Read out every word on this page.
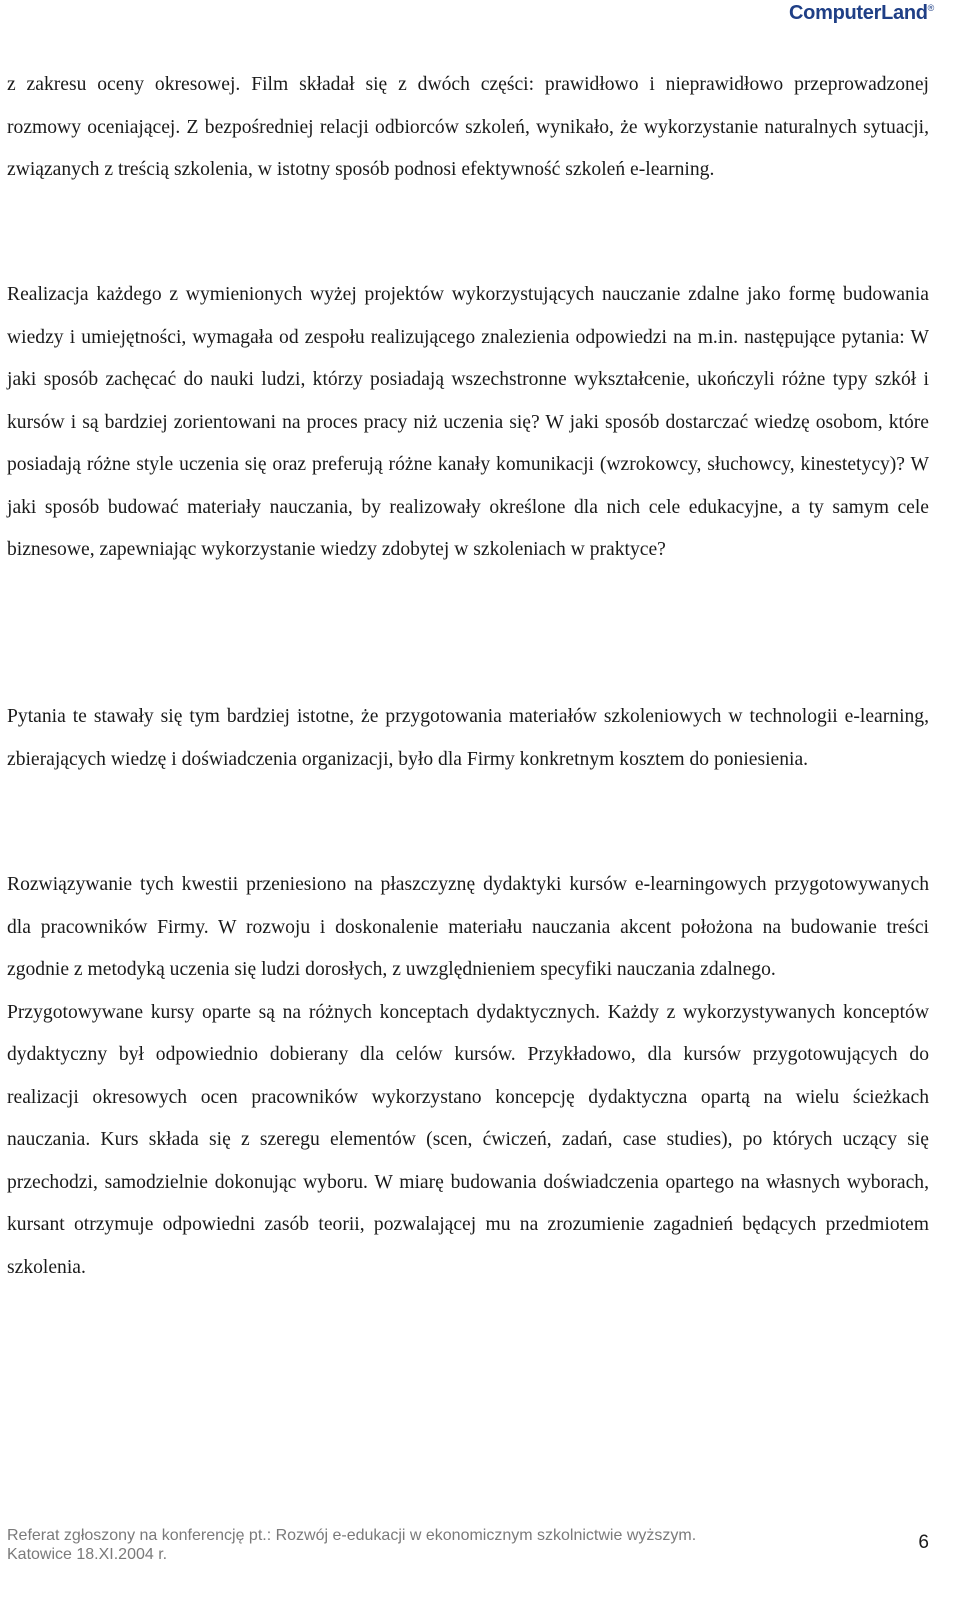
ComputerLand®

z zakresu oceny okresowej. Film składał się z dwóch części: prawidłowo i nieprawidłowo przeprowadzonej rozmowy oceniającej. Z bezpośredniej relacji odbiorców szkoleń, wynikało, że wykorzystanie naturalnych sytuacji, związanych z treścią szkolenia, w istotny sposób podnosi efektywność szkoleń e-learning.

Realizacja każdego z wymienionych wyżej projektów wykorzystujących nauczanie zdalne jako formę budowania wiedzy i umiejętności, wymagała od zespołu realizującego znalezienia odpowiedzi na m.in. następujące pytania: W jaki sposób zachęcać do nauki ludzi, którzy posiadają wszechstronne wykształcenie, ukończyli różne typy szkół i kursów i są bardziej zorientowani na proces pracy niż uczenia się? W jaki sposób dostarczać wiedzę osobom, które posiadają różne style uczenia się oraz preferują różne kanały komunikacji (wzrokowcy, słuchowcy, kinestetycy)? W jaki sposób budować materiały nauczania, by realizowały określone dla nich cele edukacyjne, a ty samym cele biznesowe, zapewniając wykorzystanie wiedzy zdobytej w szkoleniach w praktyce?

Pytania te stawały się tym bardziej istotne, że przygotowania materiałów szkoleniowych w technologii e-learning, zbierających wiedzę i doświadczenia organizacji, było dla Firmy konkretnym kosztem do poniesienia.

Rozwiązywanie tych kwestii przeniesiono na płaszczyznę dydaktyki kursów e-learningowych przygotowywanych dla pracowników Firmy. W rozwoju i doskonalenie materiału nauczania akcent położona na budowanie treści zgodnie z metodyką uczenia się ludzi dorosłych, z uwzględnieniem specyfiki nauczania zdalnego.
Przygotowywane kursy oparte są na różnych konceptach dydaktycznych. Każdy z wykorzystywanych konceptów dydaktyczny był odpowiednio dobierany dla celów kursów. Przykładowo, dla kursów przygotowujących do realizacji okresowych ocen pracowników wykorzystano koncepcję dydaktyczna opartą na wielu ścieżkach nauczania. Kurs składa się z szeregu elementów (scen, ćwiczeń, zadań, case studies), po których uczący się przechodzi, samodzielnie dokonując wyboru. W miarę budowania doświadczenia opartego na własnych wyborach, kursant otrzymuje odpowiedni zasób teorii, pozwalającej mu na zrozumienie zagadnień będących przedmiotem szkolenia.
Referat zgłoszony na konferencję pt.: Rozwój e-edukacji w ekonomicznym szkolnictwie wyższym.
Katowice 18.XI.2004 r.
6
